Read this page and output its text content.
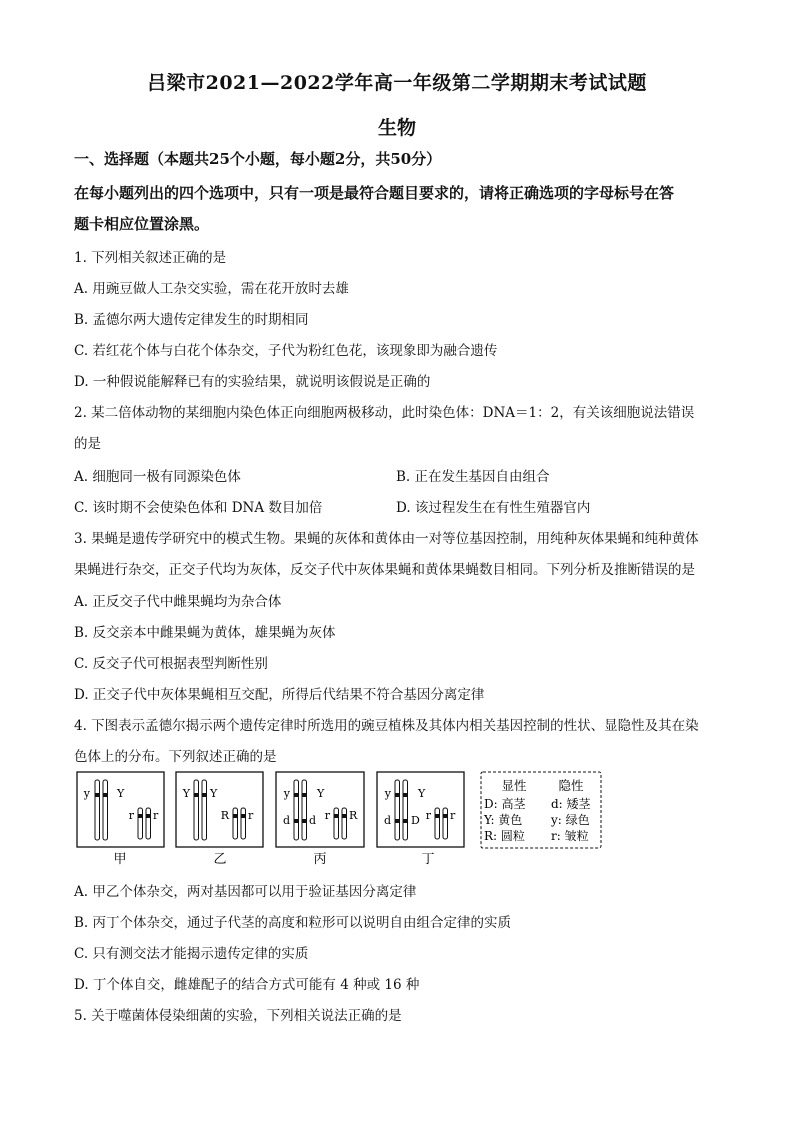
吕梁市2021—2022学年高一年级第二学期期末考试试题
生物
一、选择题（本题共25个小题，每小题2分，共50分）
在每小题列出的四个选项中，只有一项是最符合题目要求的，请将正确选项的字母标号在答
题卡相应位置涂黑。
1. 下列相关叙述正确的是
A. 用豌豆做人工杂交实验，需在花开放时去雄
B. 孟德尔两大遗传定律发生的时期相同
C. 若红花个体与白花个体杂交，子代为粉红色花，该现象即为融合遗传
D. 一种假说能解释已有的实验结果，就说明该假说是正确的
2. 某二倍体动物的某细胞内染色体正向细胞两极移动，此时染色体：DNA＝1：2，有关该细胞说法错误
的是
A. 细胞同一极有同源染色体	B. 正在发生基因自由组合
C. 该时期不会使染色体和 DNA 数目加倍	D. 该过程发生在有性生殖器官内
3. 果蝇是遗传学研究中的模式生物。果蝇的灰体和黄体由一对等位基因控制，用纯种灰体果蝇和纯种黄体
果蝇进行杂交，正交子代均为灰体，反交子代中灰体果蝇和黄体果蝇数目相同。下列分析及推断错误的是
A. 正反交子代中雌果蝇均为杂合体
B. 反交亲本中雌果蝇为黄体，雄果蝇为灰体
C. 反交子代可根据表型判断性别
D. 正交子代中灰体果蝇相互交配，所得后代结果不符合基因分离定律
4. 下图表示孟德尔揭示两个遗传定律时所选用的豌豆植株及其体内相关基因控制的性状、显隐性及其在染
色体上的分布。下列叙述正确的是
y Y
r r
甲
Y Y
R r
乙
y Y
d d r R
丙
y Y
d D r r
丁
显性	隐性
D: 高茎 d: 矮茎
Y: 黄色 y: 绿色
R: 圆粒 r: 皱粒
A. 甲乙个体杂交，两对基因都可以用于验证基因分离定律
B. 丙丁个体杂交，通过子代茎的高度和粒形可以说明自由组合定律的实质
C. 只有测交法才能揭示遗传定律的实质
D. 丁个体自交，雌雄配子的结合方式可能有 4 种或 16 种
5. 关于噬菌体侵染细菌的实验，下列相关说法正确的是
